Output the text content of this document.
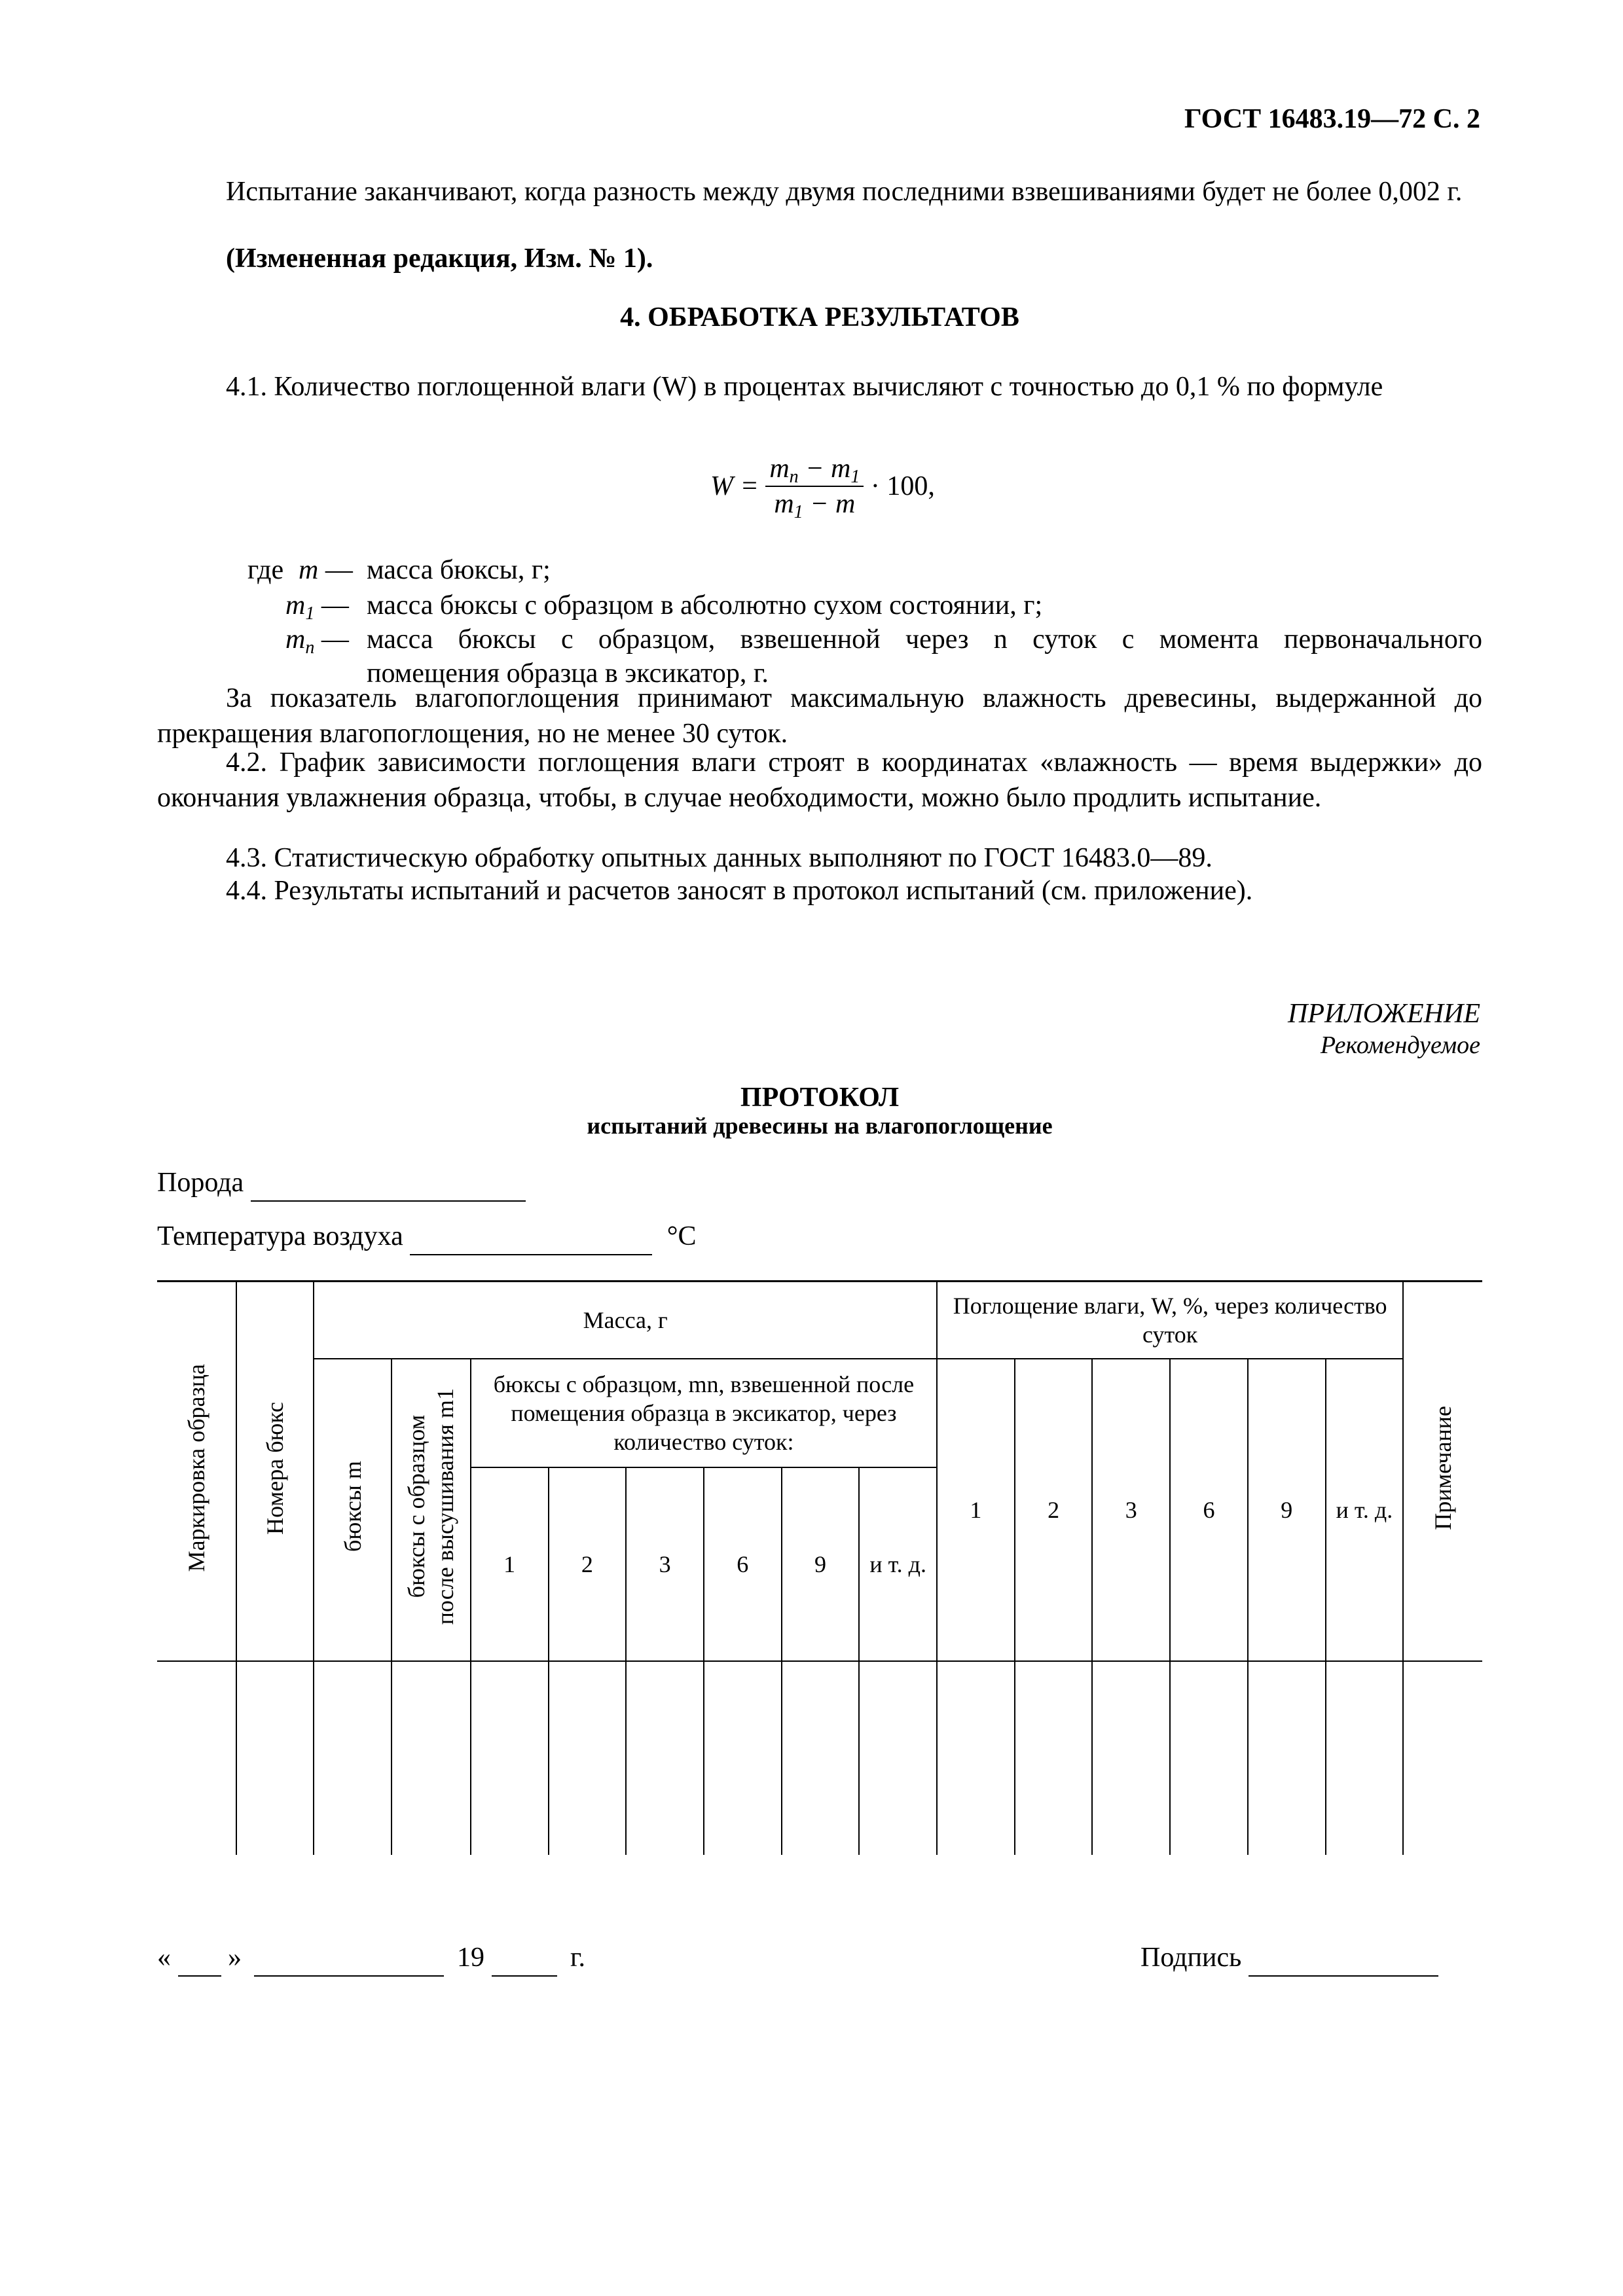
ГОСТ 16483.19—72 С. 2
Испытание заканчивают, когда разность между двумя последними взвешиваниями будет не более 0,002 г.
(Измененная редакция, Изм. № 1).
4. ОБРАБОТКА РЕЗУЛЬТАТОВ
4.1. Количество поглощенной влаги (W) в процентах вычисляют с точностью до 0,1 % по формуле
$W = \frac{m_n - m_1}{m_1 - m} \cdot 100$,
где m — масса бюксы, г;
$m_1$ — масса бюксы с образцом в абсолютно сухом состоянии, г;
$m_n$ — масса бюксы с образцом, взвешенной через n суток с момента первоначального
помещения образца в эксикатор, г.
За показатель влагопоглощения принимают максимальную влажность древесины, выдержанной до прекращения влагопоглощения, но не менее 30 суток.
4.2. График зависимости поглощения влаги строят в координатах «влажность — время выдержки» до окончания увлажнения образца, чтобы, в случае необходимости, можно было продлить испытание.
4.3. Статистическую обработку опытных данных выполняют по ГОСТ 16483.0—89.
4.4. Результаты испытаний и расчетов заносят в протокол испытаний (см. приложение).
ПРИЛОЖЕНИЕ
Рекомендуемое
ПРОТОКОЛ
испытаний древесины на влагопоглощение
Порода
Температура воздуха	°С
Маркировка образца	Номера бюкс	Масса, г								Поглощение влаги, W, %, через количество суток						Примечание
		бюксы m	бюксы с образцом после высушивания m1	бюксы с образцом, mn, взвешенной после помещения образца в эксикатор, через количество суток:						1	2	3	6	9	и т. д.	
				1	2	3	6	9	и т. д.							

« »	19	г.	Подпись
